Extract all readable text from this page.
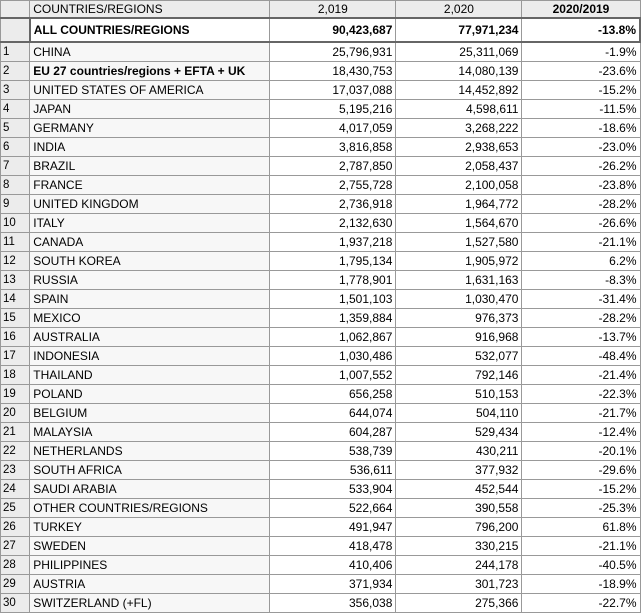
	COUNTRIES/REGIONS	2,019	2,020	2020/2019
	ALL COUNTRIES/REGIONS	90,423,687	77,971,234	-13.8%
1	CHINA	25,796,931	25,311,069	-1.9%
2	EU 27 countries/regions + EFTA + UK	18,430,753	14,080,139	-23.6%
3	UNITED STATES OF AMERICA	17,037,088	14,452,892	-15.2%
4	JAPAN	5,195,216	4,598,611	-11.5%
5	GERMANY	4,017,059	3,268,222	-18.6%
6	INDIA	3,816,858	2,938,653	-23.0%
7	BRAZIL	2,787,850	2,058,437	-26.2%
8	FRANCE	2,755,728	2,100,058	-23.8%
9	UNITED KINGDOM	2,736,918	1,964,772	-28.2%
10	ITALY	2,132,630	1,564,670	-26.6%
11	CANADA	1,937,218	1,527,580	-21.1%
12	SOUTH KOREA	1,795,134	1,905,972	6.2%
13	RUSSIA	1,778,901	1,631,163	-8.3%
14	SPAIN	1,501,103	1,030,470	-31.4%
15	MEXICO	1,359,884	976,373	-28.2%
16	AUSTRALIA	1,062,867	916,968	-13.7%
17	INDONESIA	1,030,486	532,077	-48.4%
18	THAILAND	1,007,552	792,146	-21.4%
19	POLAND	656,258	510,153	-22.3%
20	BELGIUM	644,074	504,110	-21.7%
21	MALAYSIA	604,287	529,434	-12.4%
22	NETHERLANDS	538,739	430,211	-20.1%
23	SOUTH AFRICA	536,611	377,932	-29.6%
24	SAUDI ARABIA	533,904	452,544	-15.2%
25	OTHER COUNTRIES/REGIONS	522,664	390,558	-25.3%
26	TURKEY	491,947	796,200	61.8%
27	SWEDEN	418,478	330,215	-21.1%
28	PHILIPPINES	410,406	244,178	-40.5%
29	AUSTRIA	371,934	301,723	-18.9%
30	SWITZERLAND (+FL)	356,038	275,366	-22.7%
